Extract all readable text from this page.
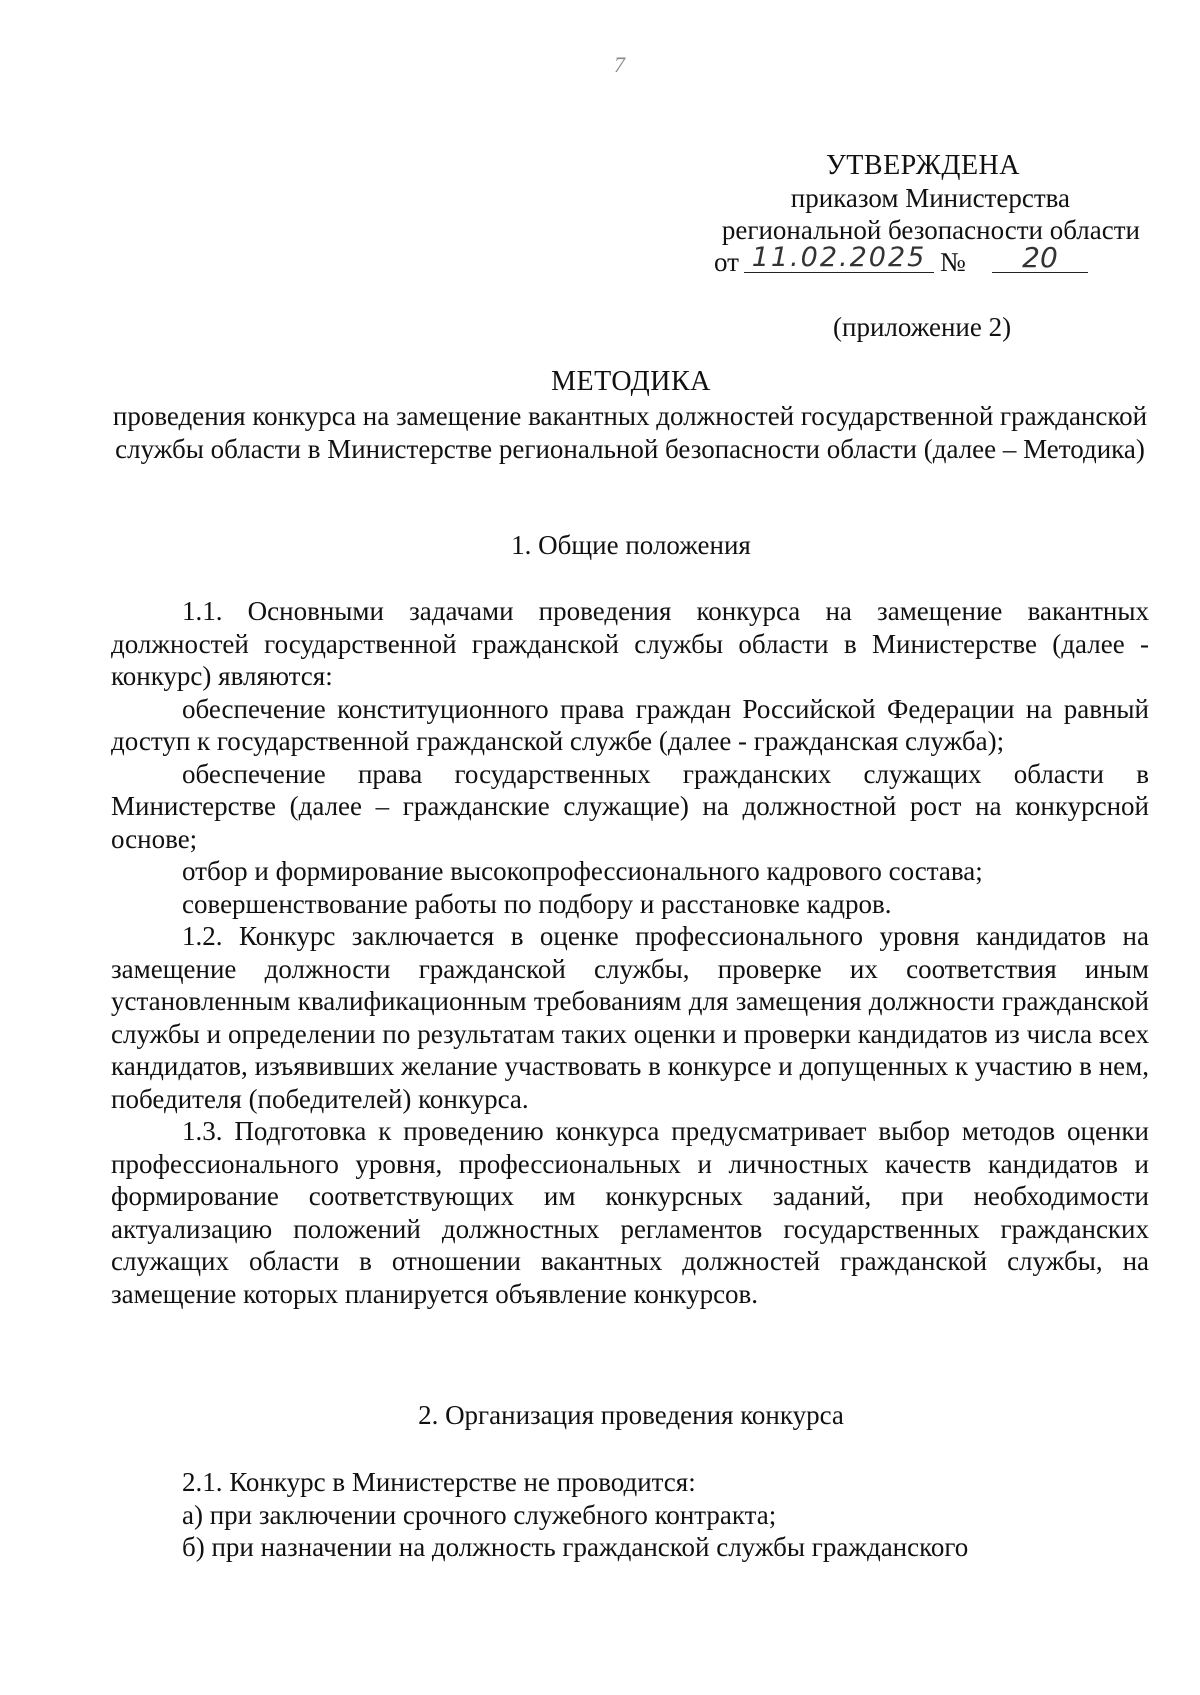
7
УТВЕРЖДЕНА
приказом Министерства
региональной безопасности области
от 11.02.2025 №	20
(приложение 2)
МЕТОДИКА
проведения конкурса на замещение вакантных должностей государственной гражданской службы области в Министерстве региональной безопасности области (далее – Методика)
1. Общие положения

1.1. Основными задачами проведения конкурса на замещение вакантных должностей государственной гражданской службы области в Министерстве (далее - конкурс) являются:

обеспечение конституционного права граждан Российской Федерации на равный доступ к государственной гражданской службе (далее - гражданская служба);

обеспечение права государственных гражданских служащих области в Министерстве (далее – гражданские служащие) на должностной рост на конкурсной основе;

отбор и формирование высокопрофессионального кадрового состава;

совершенствование работы по подбору и расстановке кадров.

1.2. Конкурс заключается в оценке профессионального уровня кандидатов на замещение должности гражданской службы, проверке их соответствия иным установленным квалификационным требованиям для замещения должности гражданской службы и определении по результатам таких оценки и проверки кандидатов из числа всех кандидатов, изъявивших желание участвовать в конкурсе и допущенных к участию в нем, победителя (победителей) конкурса.

1.3. Подготовка к проведению конкурса предусматривает выбор методов оценки профессионального уровня, профессиональных и личностных качеств кандидатов и формирование соответствующих им конкурсных заданий, при необходимости актуализацию положений должностных регламентов государственных гражданских служащих области в отношении вакантных должностей гражданской службы, на замещение которых планируется объявление конкурсов.

2. Организация проведения конкурса

2.1. Конкурс в Министерстве не проводится:

а) при заключении срочного служебного контракта;

б) при назначении на должность гражданской службы гражданского
